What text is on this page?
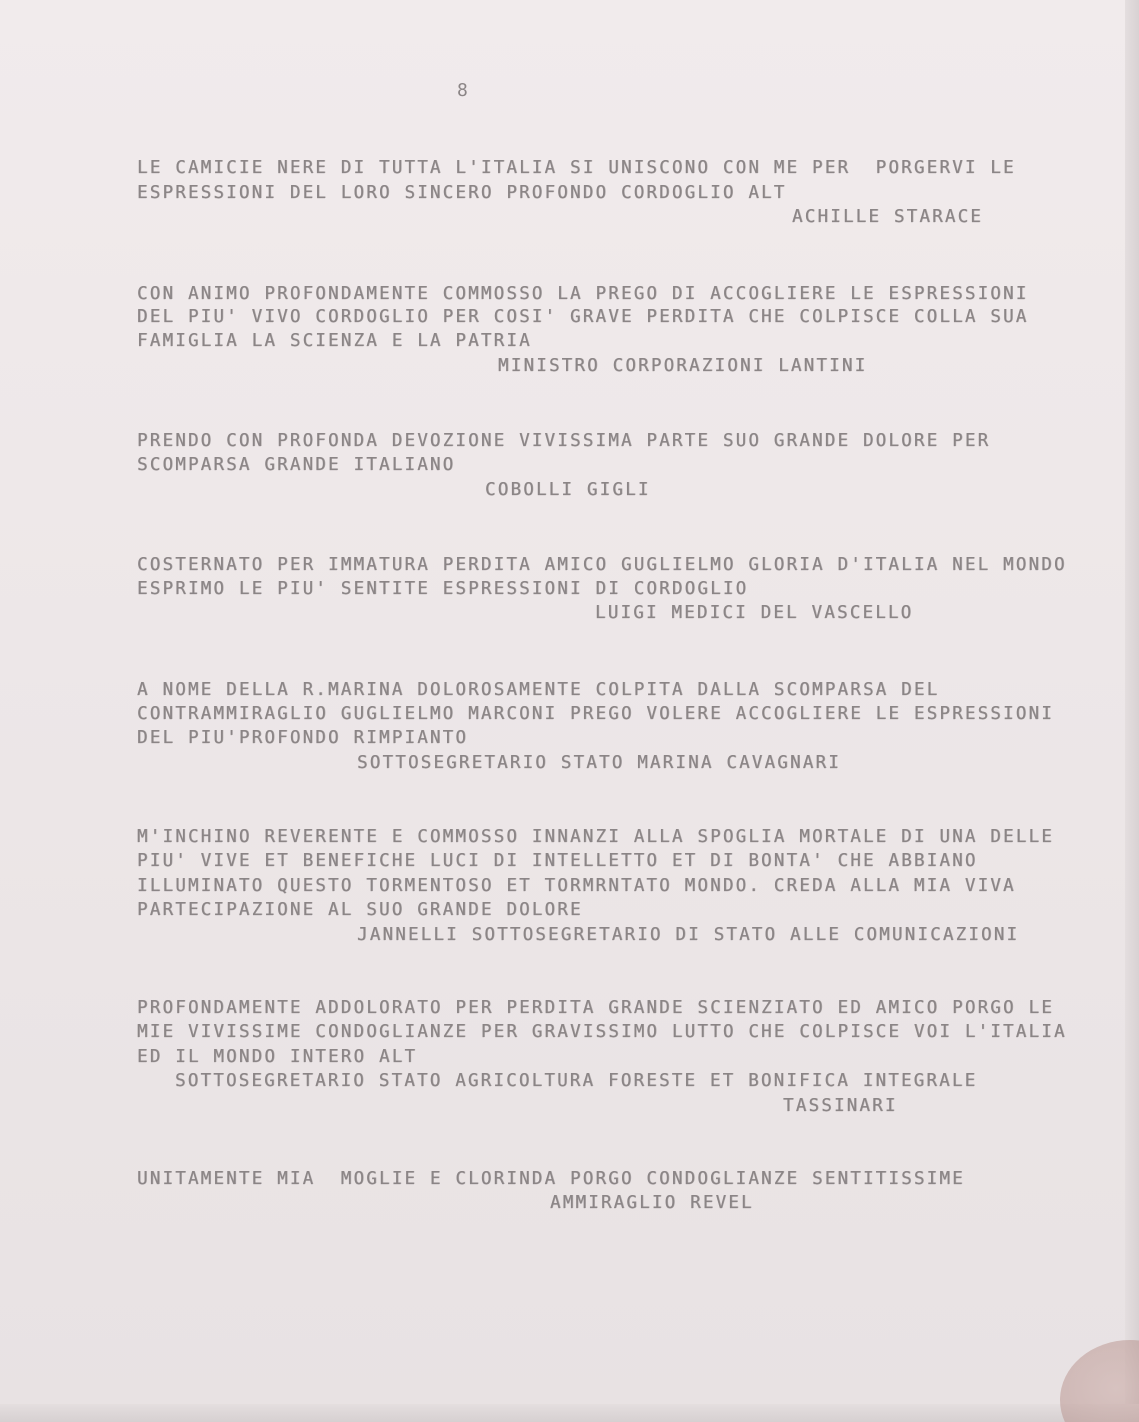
8
LE CAMICIE NERE DI TUTTA L'ITALIA SI UNISCONO CON ME PER  PORGERVI LE
ESPRESSIONI DEL LORO SINCERO PROFONDO CORDOGLIO ALT
ACHILLE STARACE
CON ANIMO PROFONDAMENTE COMMOSSO LA PREGO DI ACCOGLIERE LE ESPRESSIONI
DEL PIU' VIVO CORDOGLIO PER COSI' GRAVE PERDITA CHE COLPISCE COLLA SUA
FAMIGLIA LA SCIENZA E LA PATRIA
MINISTRO CORPORAZIONI LANTINI
PRENDO CON PROFONDA DEVOZIONE VIVISSIMA PARTE SUO GRANDE DOLORE PER
SCOMPARSA GRANDE ITALIANO
COBOLLI GIGLI
COSTERNATO PER IMMATURA PERDITA AMICO GUGLIELMO GLORIA D'ITALIA NEL MONDO
ESPRIMO LE PIU' SENTITE ESPRESSIONI DI CORDOGLIO
LUIGI MEDICI DEL VASCELLO
A NOME DELLA R.MARINA DOLOROSAMENTE COLPITA DALLA SCOMPARSA DEL
CONTRAMMIRAGLIO GUGLIELMO MARCONI PREGO VOLERE ACCOGLIERE LE ESPRESSIONI
DEL PIU'PROFONDO RIMPIANTO
SOTTOSEGRETARIO STATO MARINA CAVAGNARI
M'INCHINO REVERENTE E COMMOSSO INNANZI ALLA SPOGLIA MORTALE DI UNA DELLE
PIU' VIVE ET BENEFICHE LUCI DI INTELLETTO ET DI BONTA' CHE ABBIANO
ILLUMINATO QUESTO TORMENTOSO ET TORMRNTATO MONDO. CREDA ALLA MIA VIVA
PARTECIPAZIONE AL SUO GRANDE DOLORE
JANNELLI SOTTOSEGRETARIO DI STATO ALLE COMUNICAZIONI
PROFONDAMENTE ADDOLORATO PER PERDITA GRANDE SCIENZIATO ED AMICO PORGO LE
MIE VIVISSIME CONDOGLIANZE PER GRAVISSIMO LUTTO CHE COLPISCE VOI L'ITALIA
ED IL MONDO INTERO ALT
SOTTOSEGRETARIO STATO AGRICOLTURA FORESTE ET BONIFICA INTEGRALE
TASSINARI
UNITAMENTE MIA  MOGLIE E CLORINDA PORGO CONDOGLIANZE SENTITISSIME
AMMIRAGLIO REVEL
